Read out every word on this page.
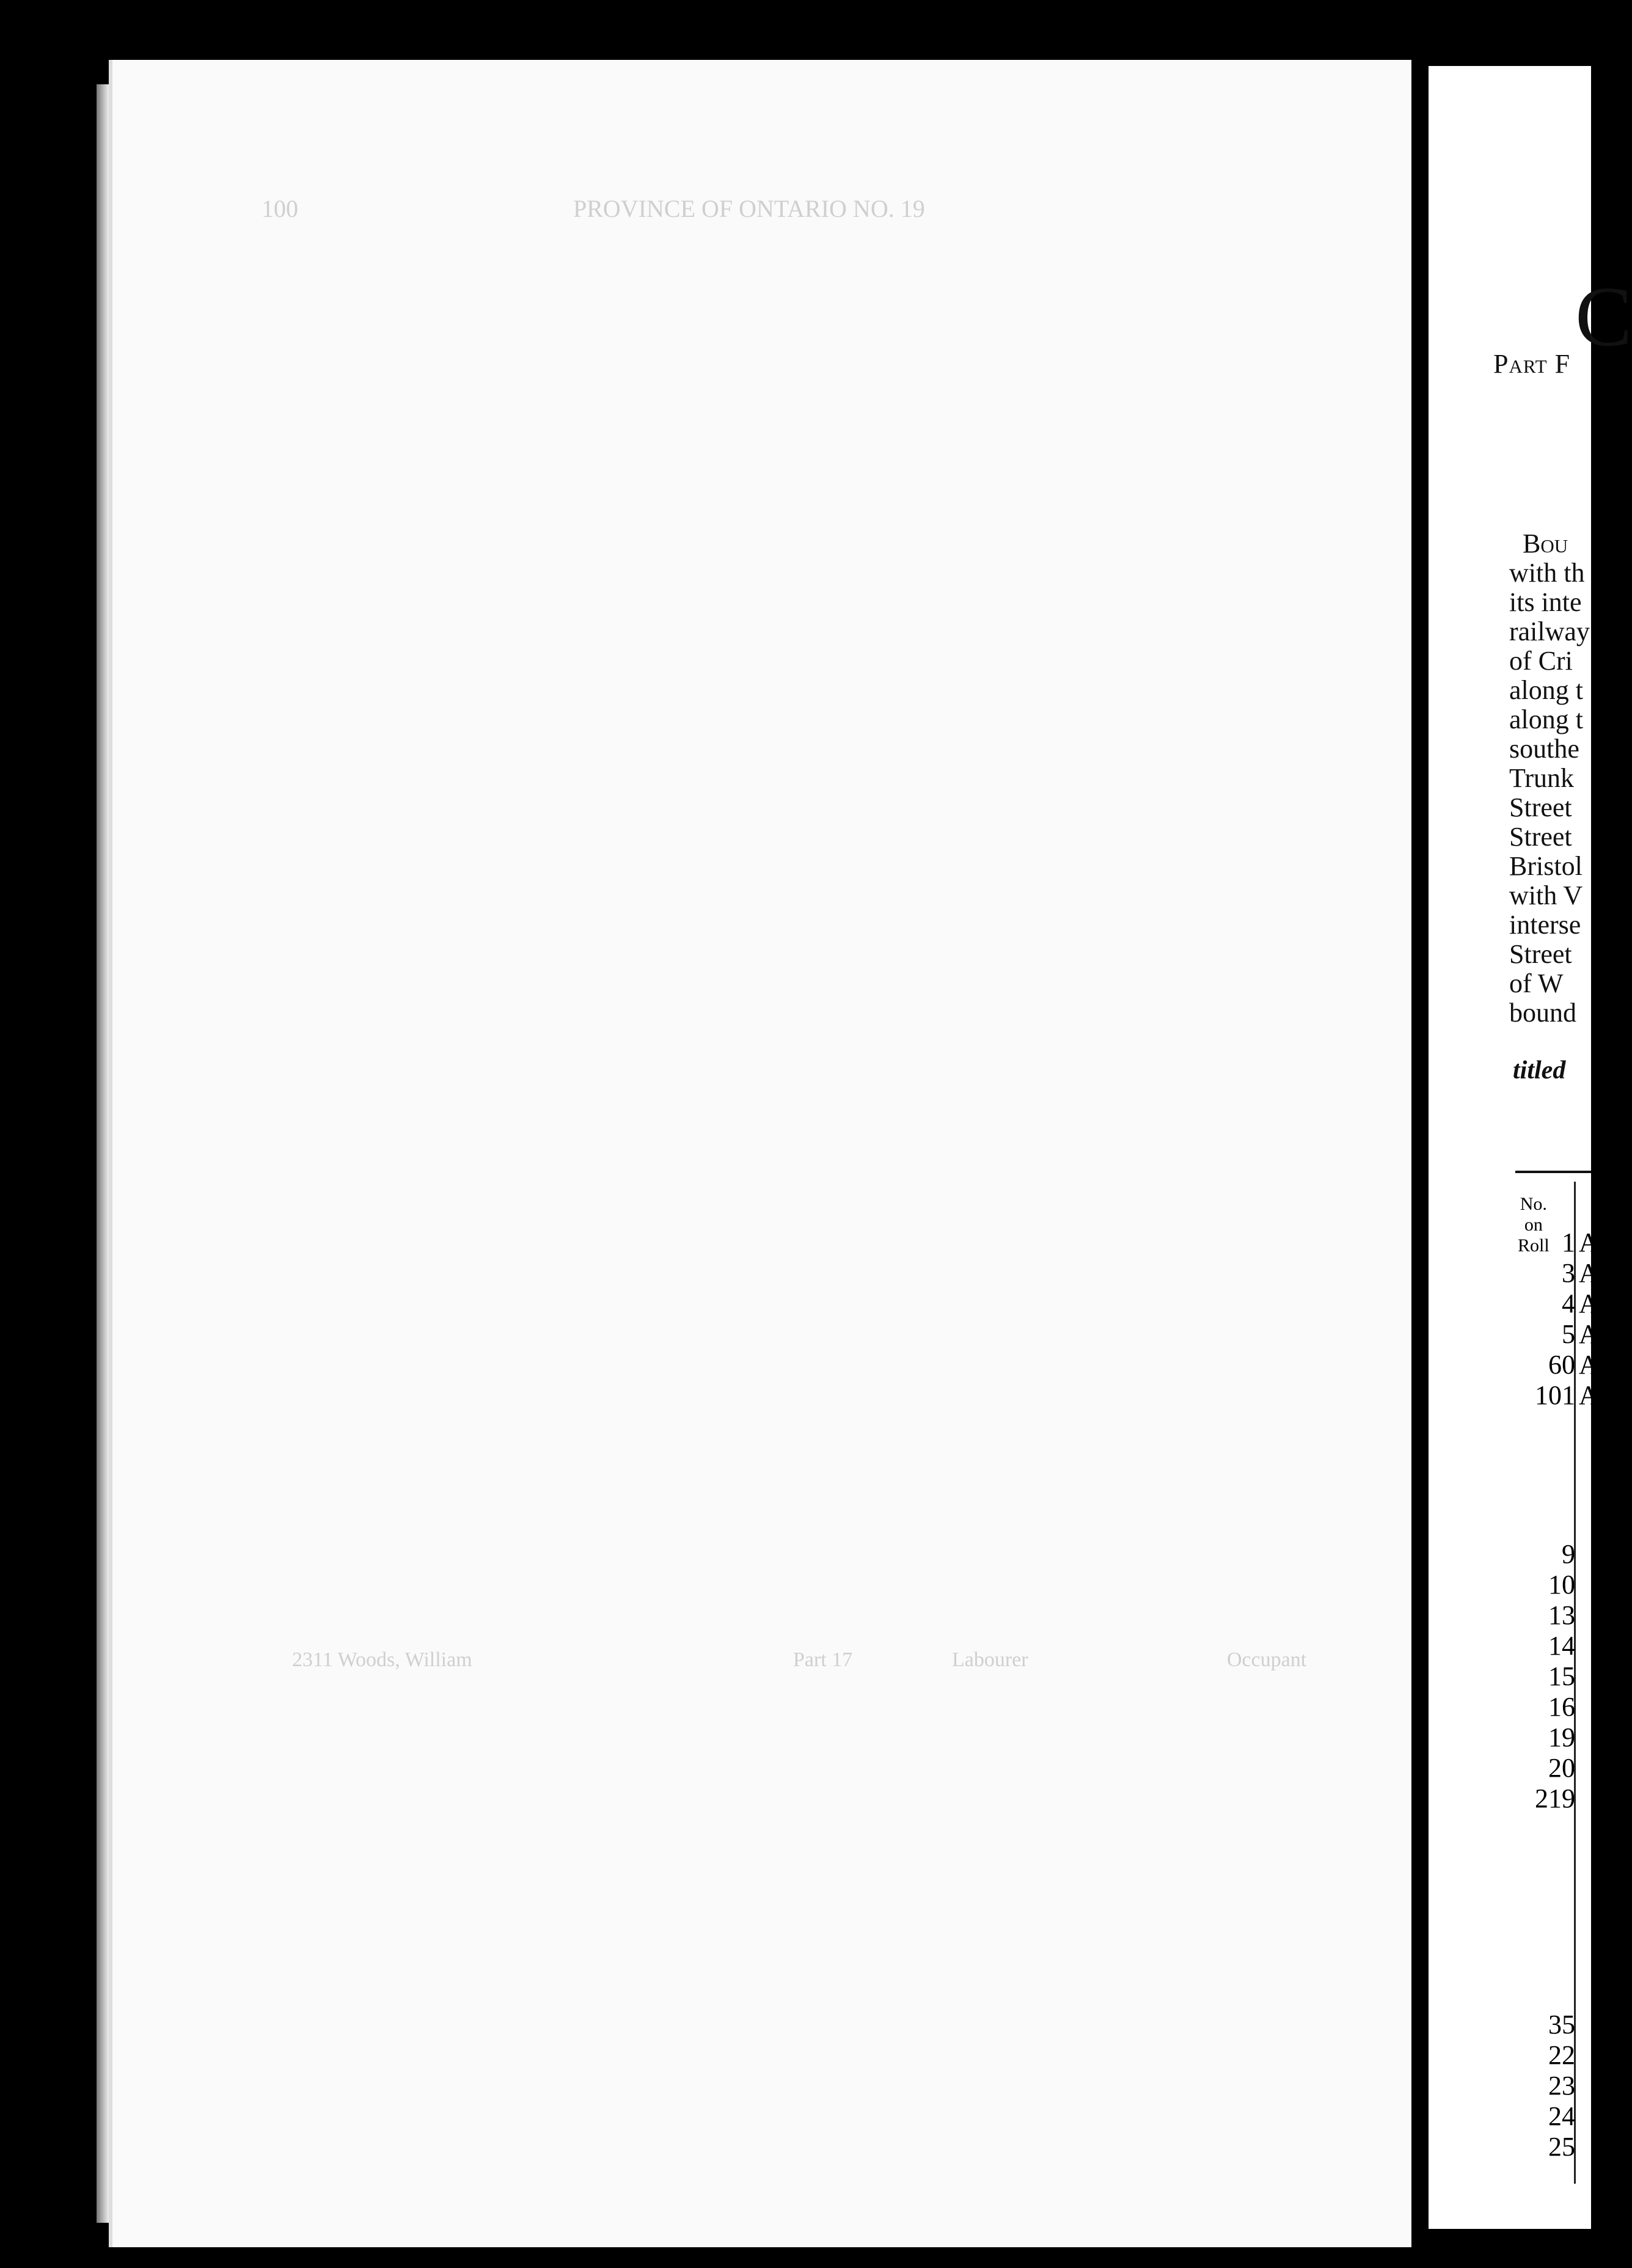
PROVINCE OF ONTARIO NO. 19
100
2311 Woods, William	Part 17	Labourer	Occupant
C
Part F
Bou
with th
its inte
railway
of Cri
along t
along t
southe
Trunk
Street
Street
Bristol
with V
interse
Street
of W
bound
titled
No.
on
Roll 1 A
3 A
4 A
5 A
60 A
101 A
9
10
13
14
15
16
19
20
219
35
22
23
24
25
